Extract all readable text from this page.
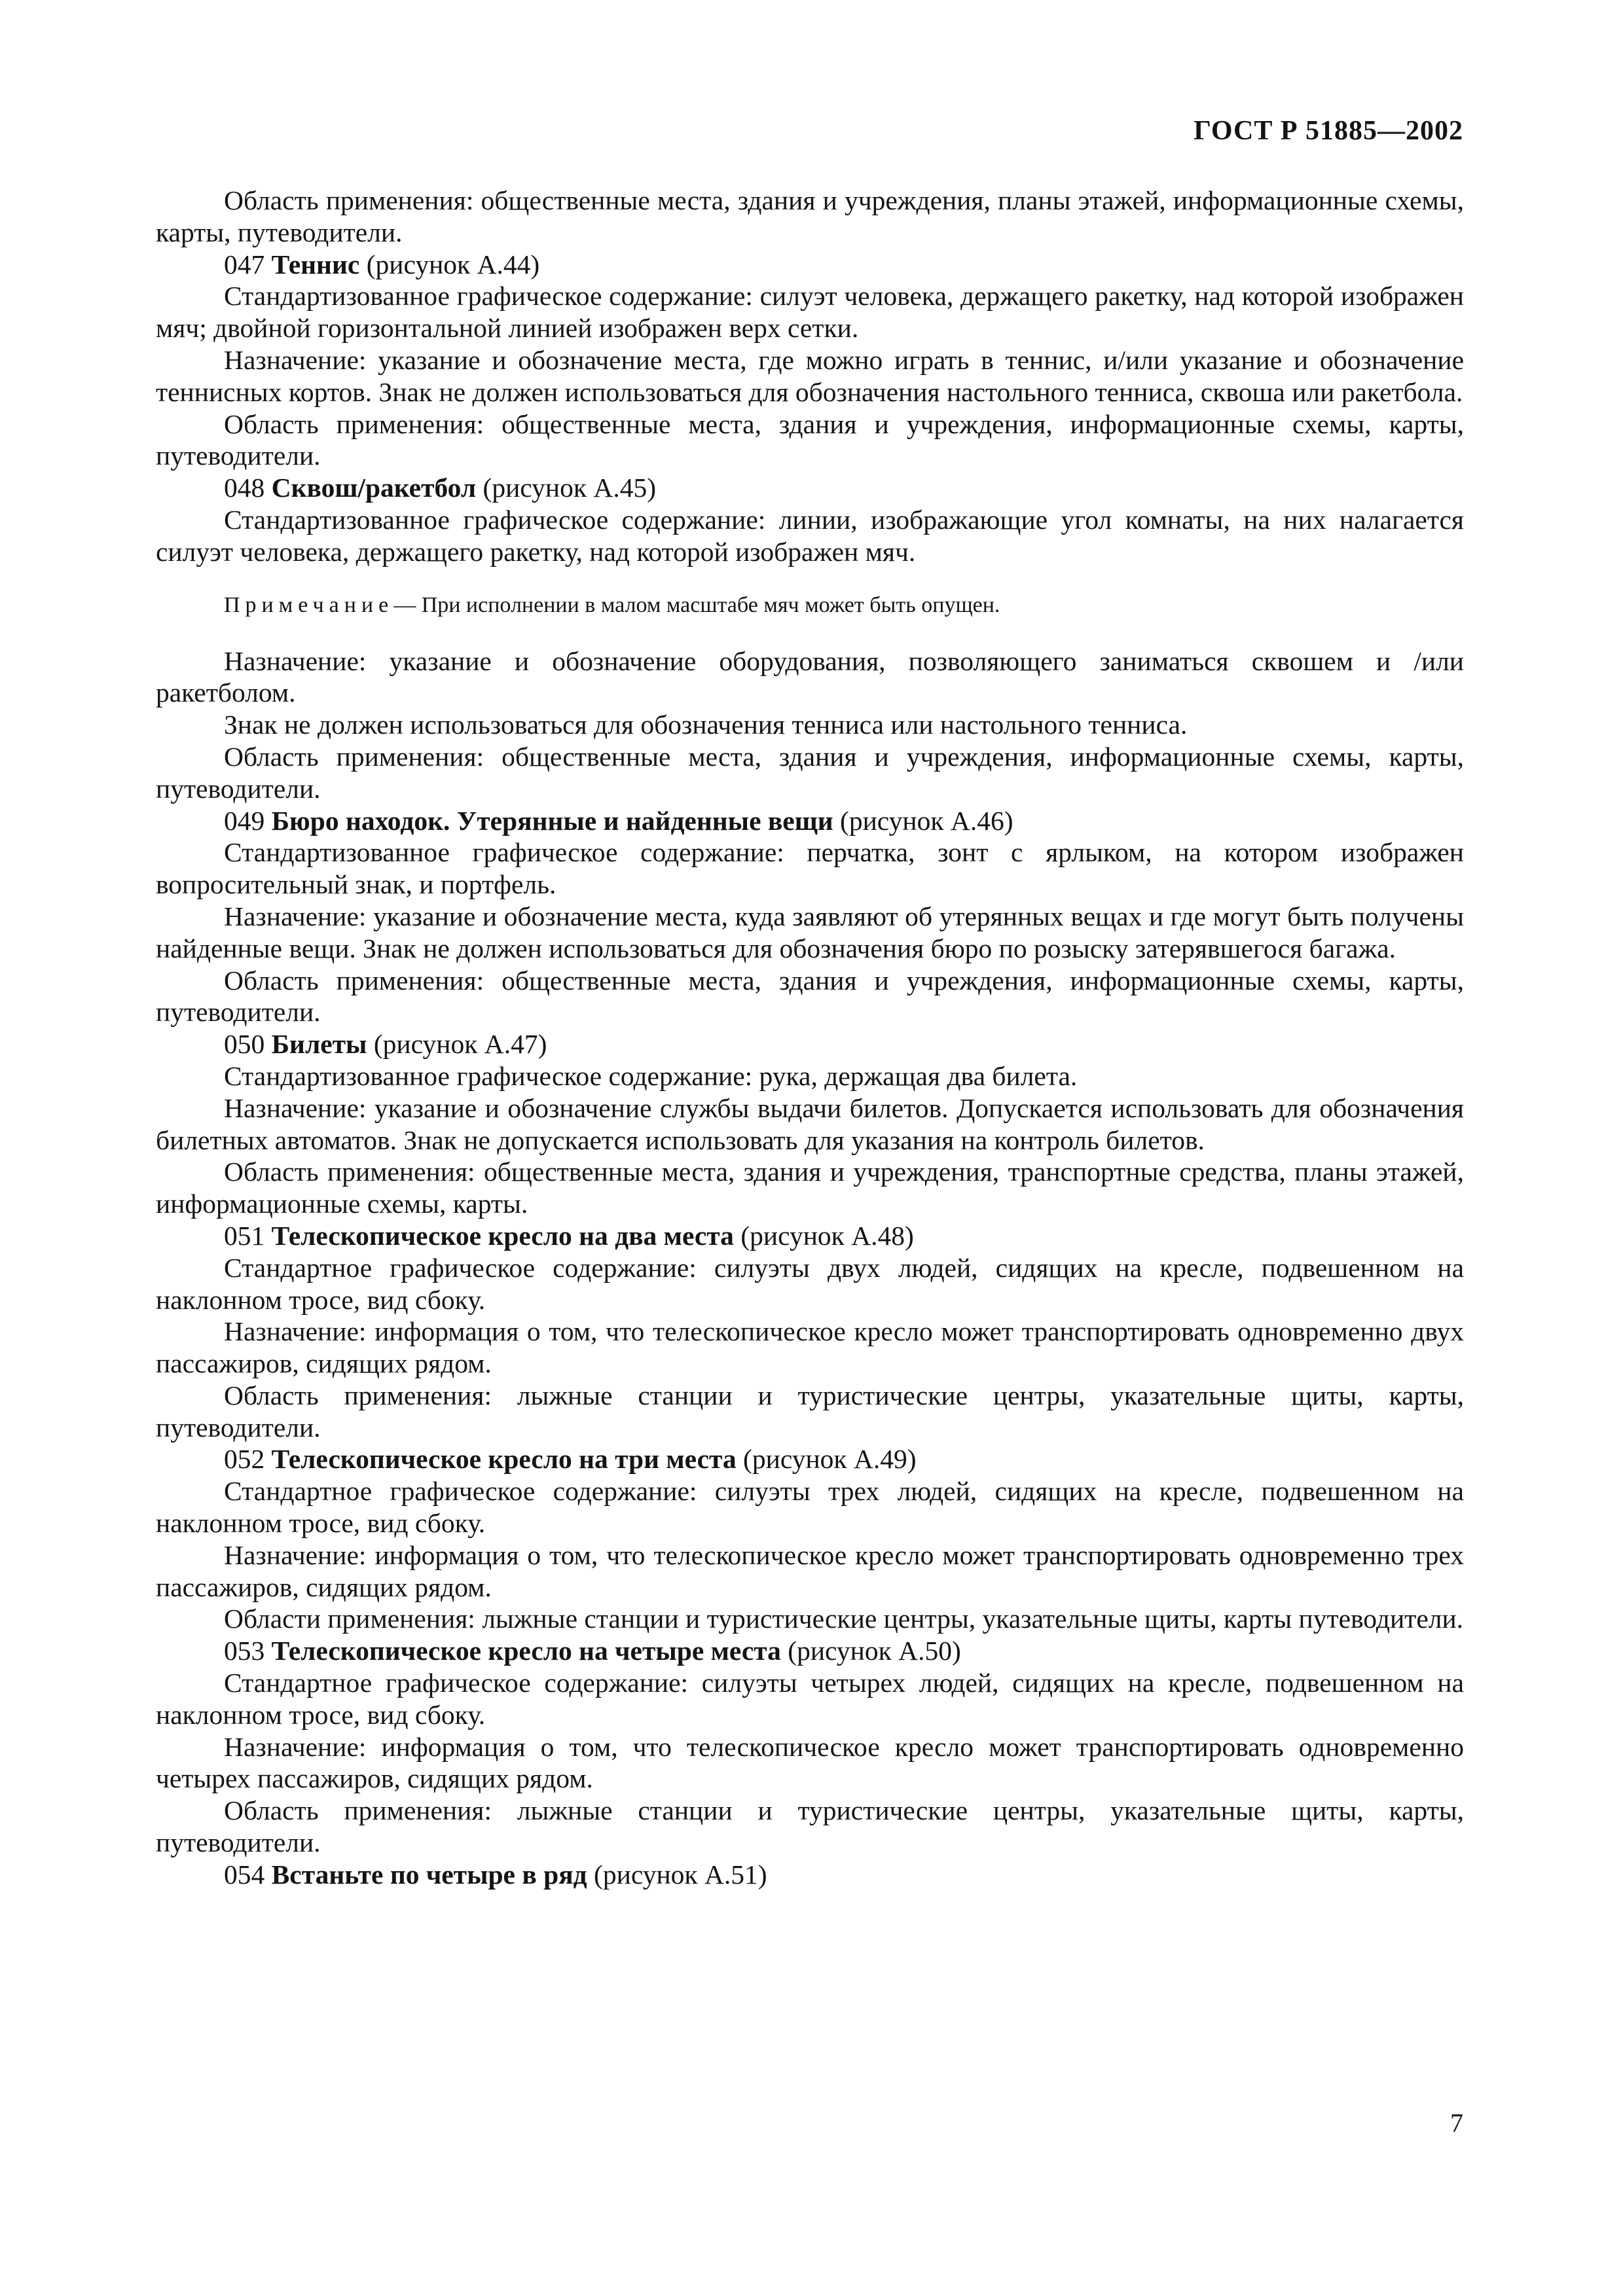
ГОСТ Р 51885—2002

Область применения: общественные места, здания и учреждения, планы этажей, информационные схемы, карты, путеводители.

047 Теннис (рисунок А.44)

Стандартизованное графическое содержание: силуэт человека, держащего ракетку, над которой изображен мяч; двойной горизонтальной линией изображен верх сетки.

Назначение: указание и обозначение места, где можно играть в теннис, и/или указание и обозначение теннисных кортов. Знак не должен использоваться для обозначения настольного тенниса, сквоша или ракетбола.

Область применения: общественные места, здания и учреждения, информационные схемы, карты, путеводители.

048 Сквош/ракетбол (рисунок А.45)

Стандартизованное графическое содержание: линии, изображающие угол комнаты, на них налагается силуэт человека, держащего ракетку, над которой изображен мяч.

Примечание— При исполнении в малом масштабе мяч может быть опущен.

Назначение: указание и обозначение оборудования, позволяющего заниматься сквошем и /или ракетболом.

Знак не должен использоваться для обозначения тенниса или настольного тенниса.

Область применения: общественные места, здания и учреждения, информационные схемы, карты, путеводители.

049 Бюро находок. Утерянные и найденные вещи (рисунок А.46)

Стандартизованное графическое содержание: перчатка, зонт с ярлыком, на котором изображен вопросительный знак, и портфель.

Назначение: указание и обозначение места, куда заявляют об утерянных вещах и где могут быть получены найденные вещи. Знак не должен использоваться для обозначения бюро по розыску затерявшегося багажа.

Область применения: общественные места, здания и учреждения, информационные схемы, карты, путеводители.

050 Билеты (рисунок А.47)

Стандартизованное графическое содержание: рука, держащая два билета.

Назначение: указание и обозначение службы выдачи билетов. Допускается использовать для обозначения билетных автоматов. Знак не допускается использовать для указания на контроль билетов.

Область применения: общественные места, здания и учреждения, транспортные средства, планы этажей, информационные схемы, карты.

051 Телескопическое кресло на два места (рисунок А.48)

Стандартное графическое содержание: силуэты двух людей, сидящих на кресле, подвешенном на наклонном тросе, вид сбоку.

Назначение: информация о том, что телескопическое кресло может транспортировать одновременно двух пассажиров, сидящих рядом.

Область применения: лыжные станции и туристические центры, указательные щиты, карты, путеводители.

052 Телескопическое кресло на три места (рисунок А.49)

Стандартное графическое содержание: силуэты трех людей, сидящих на кресле, подвешенном на наклонном тросе, вид сбоку.

Назначение: информация о том, что телескопическое кресло может транспортировать одновременно трех пассажиров, сидящих рядом.

Области применения: лыжные станции и туристические центры, указательные щиты, карты путеводители.

053 Телескопическое кресло на четыре места (рисунок А.50)

Стандартное графическое содержание: силуэты четырех людей, сидящих на кресле, подвешенном на наклонном тросе, вид сбоку.

Назначение: информация о том, что телескопическое кресло может транспортировать одновременно четырех пассажиров, сидящих рядом.

Область применения: лыжные станции и туристические центры, указательные щиты, карты, путеводители.

054 Встаньте по четыре в ряд (рисунок А.51)

7
